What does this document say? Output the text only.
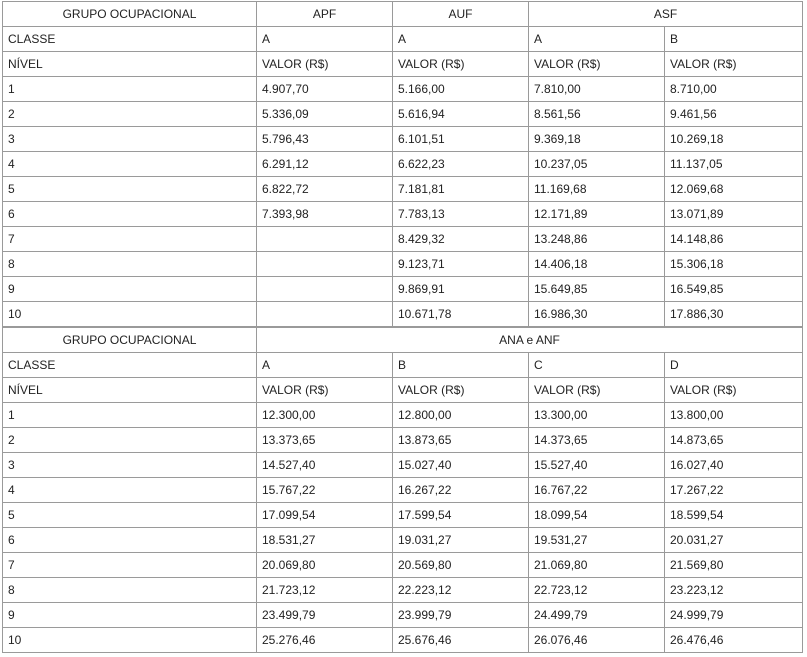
GRUPO OCUPACIONAL	APF	AUF	ASF	
CLASSE	A	A	A	B
NÍVEL	VALOR (R$)	VALOR (R$)	VALOR (R$)	VALOR (R$)
1	4.907,70	5.166,00	7.810,00	8.710,00
2	5.336,09	5.616,94	8.561,56	9.461,56
3	5.796,43	6.101,51	9.369,18	10.269,18
4	6.291,12	6.622,23	10.237,05	11.137,05
5	6.822,72	7.181,81	11.169,68	12.069,68
6	7.393,98	7.783,13	12.171,89	13.071,89
7		8.429,32	13.248,86	14.148,86
8		9.123,71	14.406,18	15.306,18
9		9.869,91	15.649,85	16.549,85
10		10.671,78	16.986,30	17.886,30
GRUPO OCUPACIONAL	ANA e ANF			
CLASSE	A	B	C	D
NÍVEL	VALOR (R$)	VALOR (R$)	VALOR (R$)	VALOR (R$)
1	12.300,00	12.800,00	13.300,00	13.800,00
2	13.373,65	13.873,65	14.373,65	14.873,65
3	14.527,40	15.027,40	15.527,40	16.027,40
4	15.767,22	16.267,22	16.767,22	17.267,22
5	17.099,54	17.599,54	18.099,54	18.599,54
6	18.531,27	19.031,27	19.531,27	20.031,27
7	20.069,80	20.569,80	21.069,80	21.569,80
8	21.723,12	22.223,12	22.723,12	23.223,12
9	23.499,79	23.999,79	24.499,79	24.999,79
10	25.276,46	25.676,46	26.076,46	26.476,46
